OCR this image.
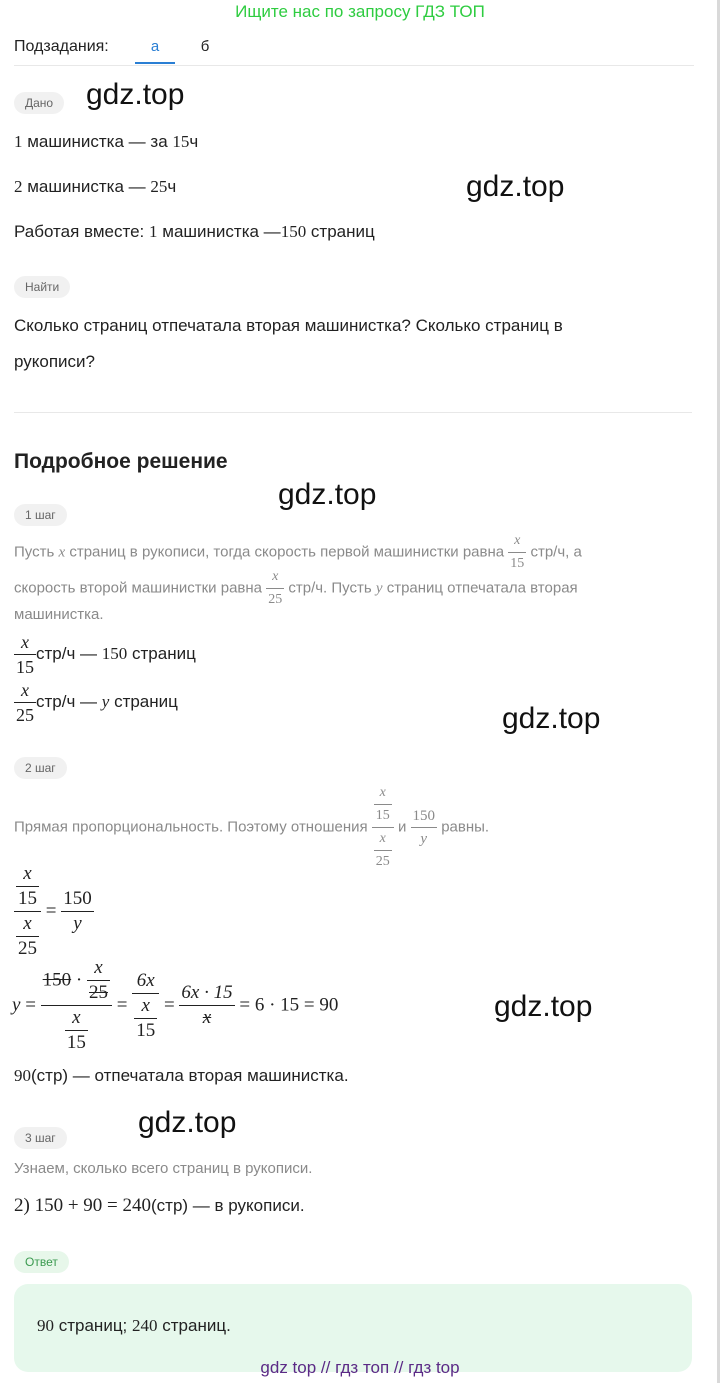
Ищите нас по запросу ГДЗ ТОП
Подзадания:	а	б
Дано	gdz.top
1 машинистка — за 15ч
2 машинистка — 25ч	gdz.top
Работая вместе: 1 машинистка —150 страниц
Найти
Сколько страниц отпечатала вторая машинистка? Сколько страниц в
рукописи?
Подробное решение
gdz.top
1 шаг
Пусть x страниц в рукописи, тогда скорость первой машинистки равна $\frac{x}{15} стр/ч$, а
скорость второй машинистки равна $\frac{x}{25} стр/ч$. Пусть y страниц отпечатала вторая
машинистка.
$\frac{x}{15} стр/ч$ — 150 страниц
$\frac{x}{25} стр/ч$ — y страниц
gdz.top
2 шаг
Прямая пропорциональность. Поэтому отношения $\frac{\frac{x}{15}}{\frac{x}{25}}$ и $\frac{150}{y}$ равны.
$\frac{\frac{x}{15}}{\frac{x}{25}} = \frac{150}{y}$
$y = \frac{150 \cdot \frac{x}{25}}{\frac{x}{15}} = \frac{6x}{\frac{x}{15}} = \frac{6x \cdot 15}{x} = 6 \cdot 15 = 90$	gdz.top
90(стр) — отпечатала вторая машинистка.
gdz.top
3 шаг
Узнаем, сколько всего страниц в рукописи.
2) 150 + 90 = 240(стр) — в рукописи.
Ответ
90 страниц; 240 страниц.
gdz top // гдз топ // гдз top
